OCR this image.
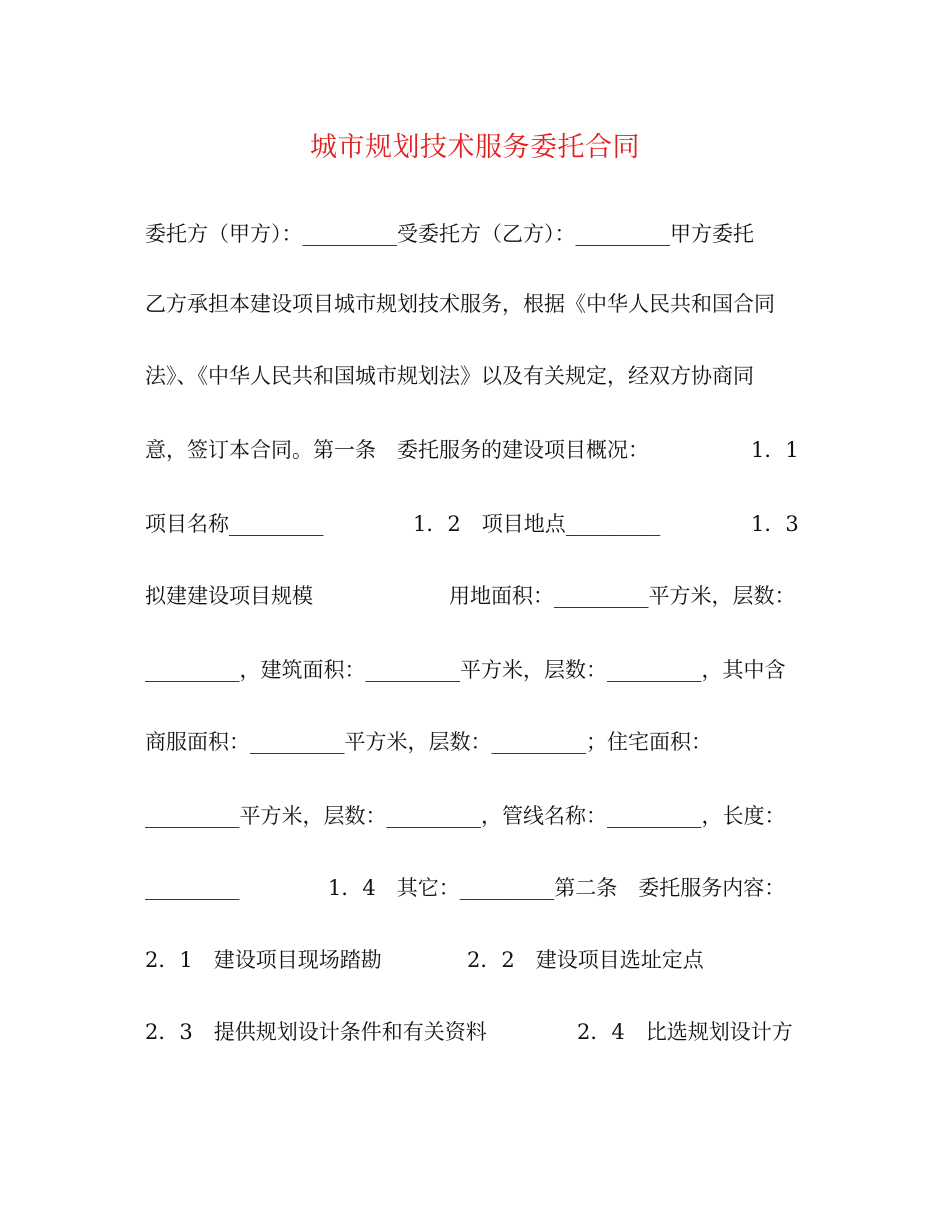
城市规划技术服务委托合同
委托方（甲方）：_________受委托方（乙方）：_________甲方委托
乙方承担本建设项目城市规划技术服务，根据《中华人民共和国合同
法》、《中华人民共和国城市规划法》以及有关规定，经双方协商同
意，签订本合同。第一条　委托服务的建设项目概况：	1．1
项目名称_________	1．2　项目地点_________	1．3
拟建建设项目规模	用地面积：_________平方米，层数：
_________，建筑面积：_________平方米，层数：_________，其中含
商服面积：_________平方米，层数：_________；住宅面积：
_________平方米，层数：_________，管线名称：_________，长度：
_________	1．4　其它：_________第二条　委托服务内容：
2．1　建设项目现场踏勘	2．2　建设项目选址定点
2．3　提供规划设计条件和有关资料	2．4　比选规划设计方
